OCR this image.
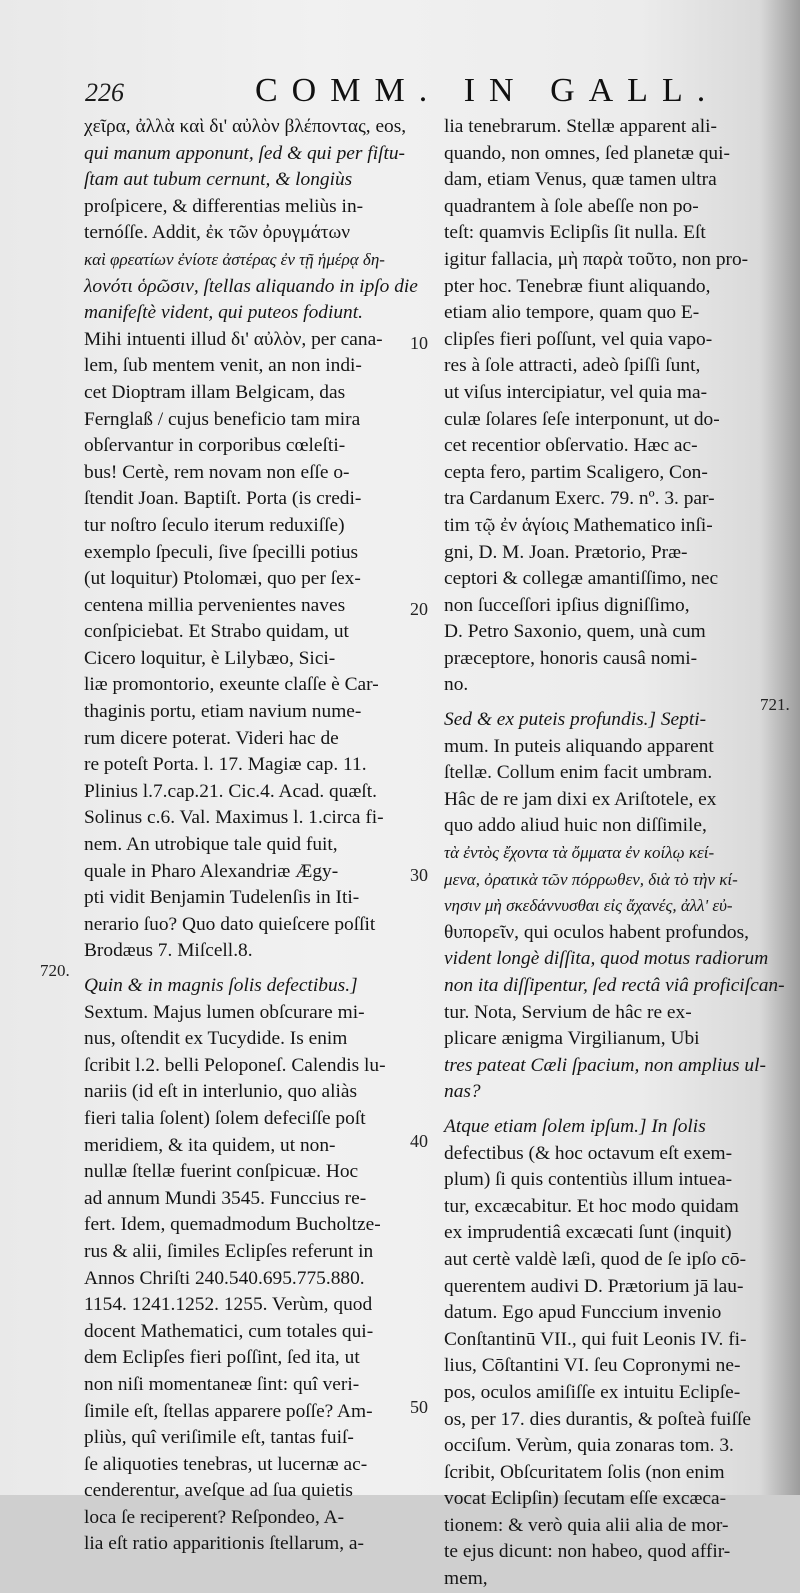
226	COMM. IN GALL.
χεῖρα, ἀλλὰ καὶ δι' αὐλὸν βλέποντας, eos,
qui manum apponunt, ſed & qui per fiſtu-
ſtam aut tubum cernunt, & longiùs
proſpicere, & differentias meliùs in-
ternóſſe. Addit, ἐκ τῶν ὀρυγμάτων
καὶ φρεατίων ἐνίοτε ἀστέρας ἐν τῇ ἡμέρᾳ δη-
λονότι ὁρῶσιν, ſtellas aliquando in ipſo die
manifeſtè vident, qui puteos fodiunt.
Mihi intuenti illud δι' αὐλὸν, per cana-
lem, ſub mentem venit, an non indi-
cet Dioptram illam Belgicam, das
Fernglaß / cujus beneficio tam mira
obſervantur in corporibus cœleſti-
bus! Certè, rem novam non eſſe o-
ſtendit Joan. Baptiſt. Porta (is credi-
tur noſtro ſeculo iterum reduxiſſe)
exemplo ſpeculi, ſive ſpecilli potius
(ut loquitur) Ptolomæi, quo per ſex-
centena millia pervenientes naves
conſpiciebat. Et Strabo quidam, ut
Cicero loquitur, è Lilybæo, Sici-
liæ promontorio, exeunte claſſe è Car-
thaginis portu, etiam navium nume-
rum dicere poterat. Videri hac de
re poteſt Porta. l. 17. Magiæ cap. 11.
Plinius l.7.cap.21. Cic.4. Acad. quæſt.
Solinus c.6. Val. Maximus l. 1.circa fi-
nem. An utrobique tale quid fuit,
quale in Pharo Alexandriæ Ægy-
pti vidit Benjamin Tudelenſis in Iti-
nerario ſuo? Quo dato quieſcere poſſit
Brodæus 7. Miſcell.8.
Quin & in magnis ſolis defectibus.]
Sextum. Majus lumen obſcurare mi-
nus, oſtendit ex Tucydide. Is enim
ſcribit l.2. belli Peloponeſ. Calendis lu-
nariis (id eſt in interlunio, quo aliàs
fieri talia ſolent) ſolem defeciſſe poſt
meridiem, & ita quidem, ut non-
nullæ ſtellæ fuerint conſpicuæ. Hoc
ad annum Mundi 3545. Funccius re-
fert. Idem, quemadmodum Bucholtze-
rus & alii, ſimiles Eclipſes referunt in
Annos Chriſti 240.540.695.775.880.
1154. 1241.1252. 1255. Verùm, quod
docent Mathematici, cum totales qui-
dem Eclipſes fieri poſſint, ſed ita, ut
non niſi momentaneæ ſint: quî veri-
ſimile eſt, ſtellas apparere poſſe? Am-
pliùs, quî veriſimile eſt, tantas fuiſ-
ſe aliquoties tenebras, ut lucernæ ac-
cenderentur, aveſque ad ſua quietis
loca ſe reciperent? Reſpondeo, A-
lia eſt ratio apparitionis ſtellarum, a-
lia tenebrarum. Stellæ apparent ali-
quando, non omnes, ſed planetæ qui-
dam, etiam Venus, quæ tamen ultra
quadrantem à ſole abeſſe non po-
teſt: quamvis Eclipſis ſit nulla. Eſt
igitur fallacia, μὴ παρὰ τοῦτο, non pro-
pter hoc. Tenebræ fiunt aliquando,
etiam alio tempore, quam quo E-
clipſes fieri poſſunt, vel quia vapo-
res à ſole attracti, adeò ſpiſſi ſunt,
ut viſus intercipiatur, vel quia ma-
culæ ſolares ſeſe interponunt, ut do-
cet recentior obſervatio. Hæc ac-
cepta fero, partim Scaligero, Con-
tra Cardanum Exerc. 79. nº. 3. par-
tim τῷ ἐν ἁγίοις Mathematico inſi-
gni, D. M. Joan. Prætorio, Præ-
ceptori & collegæ amantiſſimo, nec
non ſucceſſori ipſius digniſſimo,
D. Petro Saxonio, quem, unà cum
præceptore, honoris causâ nomi-
no.
Sed & ex puteis profundis.] Septi-
mum. In puteis aliquando apparent
ſtellæ. Collum enim facit umbram.
Hâc de re jam dixi ex Ariſtotele, ex
quo addo aliud huic non diſſimile,
τὰ ἐντὸς ἔχοντα τὰ ὄμματα ἐν κοίλῳ κεί-
μενα, ὀρατικὰ τῶν πόρρωθεν, διὰ τὸ τὴν κί-
νησιν μὴ σκεδάννυσθαι εἰς ἄχανές, ἀλλ' εὐ-
θυπορεῖν, qui oculos habent profundos,
vident longè diſſita, quod motus radiorum
non ita diſſipentur, ſed rectâ viâ proficiſcan-
tur. Nota, Servium de hâc re ex-
plicare ænigma Virgilianum, Ubi
tres pateat Cæli ſpacium, non amplius ul-
nas?
Atque etiam ſolem ipſum.] In ſolis
defectibus (& hoc octavum eſt exem-
plum) ſi quis contentiùs illum intuea-
tur, excæcabitur. Et hoc modo quidam
ex imprudentiâ excæcati ſunt (inquit)
aut certè valdè læſi, quod de ſe ipſo cō-
querentem audivi D. Prætorium jā lau-
datum. Ego apud Funccium invenio
Conſtantinū VII., qui fuit Leonis IV. fi-
lius, Cōſtantini VI. ſeu Copronymi ne-
pos, oculos amiſiſſe ex intuitu Eclipſe-
os, per 17. dies durantis, & poſteà fuiſſe
occiſum. Verùm, quia zonaras tom. 3.
ſcribit, Obſcuritatem ſolis (non enim
vocat Eclipſin) ſecutam eſſe excæca-
tionem: & verò quia alii alia de mor-
te ejus dicunt: non habeo, quod affir-
mem,
10
20
30
40
50
720.
721.
